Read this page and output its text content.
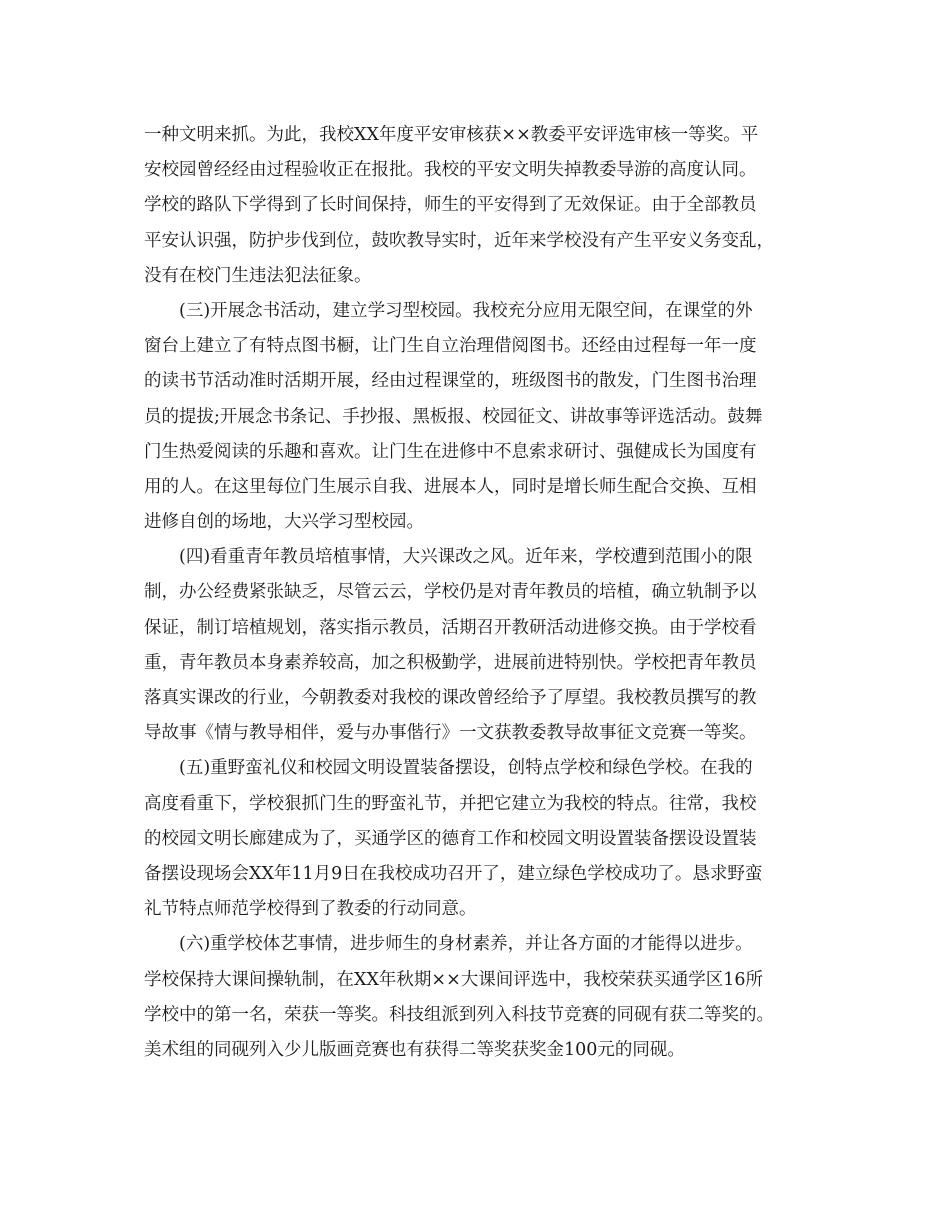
一种文明来抓。为此，我校XX年度平安审核获××教委平安评选审核一等奖。平
安校园曾经经由过程验收正在报批。我校的平安文明失掉教委导游的高度认同。
学校的路队下学得到了长时间保持，师生的平安得到了无效保证。由于全部教员
平安认识强，防护步伐到位，鼓吹教导实时，近年来学校没有产生平安义务变乱，
没有在校门生违法犯法征象。
(三)开展念书活动，建立学习型校园。我校充分应用无限空间，在课堂的外
窗台上建立了有特点图书橱，让门生自立治理借阅图书。还经由过程每一年一度
的读书节活动准时活期开展，经由过程课堂的，班级图书的散发，门生图书治理
员的提拔;开展念书条记、手抄报、黑板报、校园征文、讲故事等评选活动。鼓舞
门生热爱阅读的乐趣和喜欢。让门生在进修中不息索求研讨、强健成长为国度有
用的人。在这里每位门生展示自我、进展本人，同时是增长师生配合交换、互相
进修自创的场地，大兴学习型校园。
(四)看重青年教员培植事情，大兴课改之风。近年来，学校遭到范围小的限
制，办公经费紧张缺乏，尽管云云，学校仍是对青年教员的培植，确立轨制予以
保证，制订培植规划，落实指示教员，活期召开教研活动进修交换。由于学校看
重，青年教员本身素养较高，加之积极勤学，进展前进特别快。学校把青年教员
落真实课改的行业，今朝教委对我校的课改曾经给予了厚望。我校教员撰写的教
导故事《情与教导相伴，爱与办事偕行》一文获教委教导故事征文竞赛一等奖。
(五)重野蛮礼仪和校园文明设置装备摆设，创特点学校和绿色学校。在我的
高度看重下，学校狠抓门生的野蛮礼节，并把它建立为我校的特点。往常，我校
的校园文明长廊建成为了，买通学区的德育工作和校园文明设置装备摆设设置装
备摆设现场会XX年11月9日在我校成功召开了，建立绿色学校成功了。恳求野蛮
礼节特点师范学校得到了教委的行动同意。
(六)重学校体艺事情，进步师生的身材素养，并让各方面的才能得以进步。
学校保持大课间操轨制，在XX年秋期××大课间评选中，我校荣获买通学区16所
学校中的第一名，荣获一等奖。科技组派到列入科技节竞赛的同砚有获二等奖的。
美术组的同砚列入少儿版画竞赛也有获得二等奖获奖金100元的同砚。
